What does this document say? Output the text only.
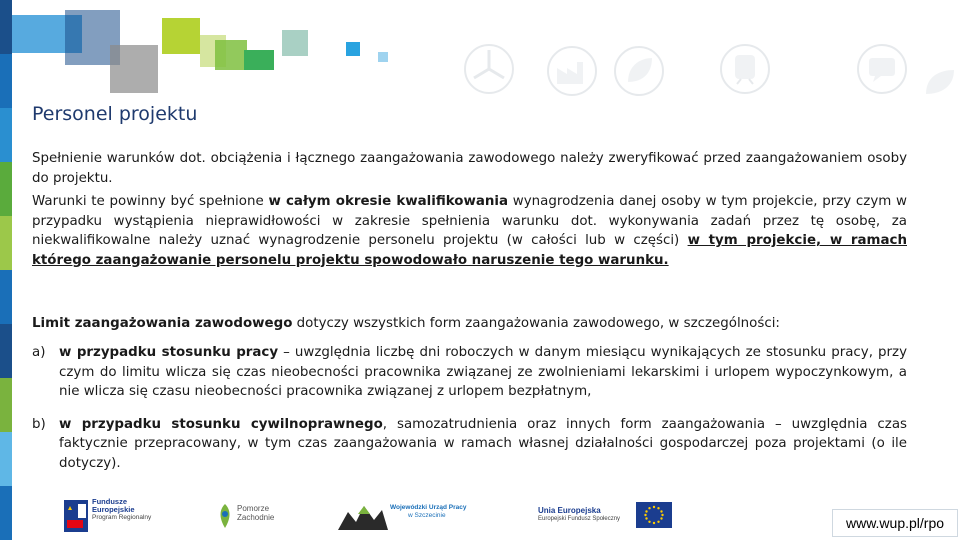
Personel projektu
Spełnienie warunków dot. obciążenia i łącznego zaangażowania zawodowego należy zweryfikować przed zaangażowaniem osoby do projektu.
Warunki te powinny być spełnione w całym okresie kwalifikowania wynagrodzenia danej osoby w tym projekcie, przy czym w przypadku wystąpienia nieprawidłowości w zakresie spełnienia warunku dot. wykonywania zadań przez tę osobę, za niekwalifikowalne należy uznać wynagrodzenie personelu projektu (w całości lub w części) w tym projekcie, w ramach którego zaangażowanie personelu projektu spowodowało naruszenie tego warunku.
Limit zaangażowania zawodowego dotyczy wszystkich form zaangażowania zawodowego, w szczególności:
a) w przypadku stosunku pracy – uwzględnia liczbę dni roboczych w danym miesiącu wynikających ze stosunku pracy, przy czym do limitu wlicza się czas nieobecności pracownika związanej ze zwolnieniami lekarskimi i urlopem wypoczynkowym, a nie wlicza się czasu nieobecności pracownika związanej z urlopem bezpłatnym,
b) w przypadku stosunku cywilnoprawnego, samozatrudnienia oraz innych form zaangażowania – uwzględnia czas faktycznie przepracowany, w tym czas zaangażowania w ramach własnej działalności gospodarczej poza projektami (o ile dotyczy).
Fundusze
Europejskie
Program Regionalny
Pomorze
Zachodnie
Wojewódzki Urząd Pracy
w Szczecinie
Unia Europejska
Europejski Fundusz Społeczny	www.wup.pl/rpo
